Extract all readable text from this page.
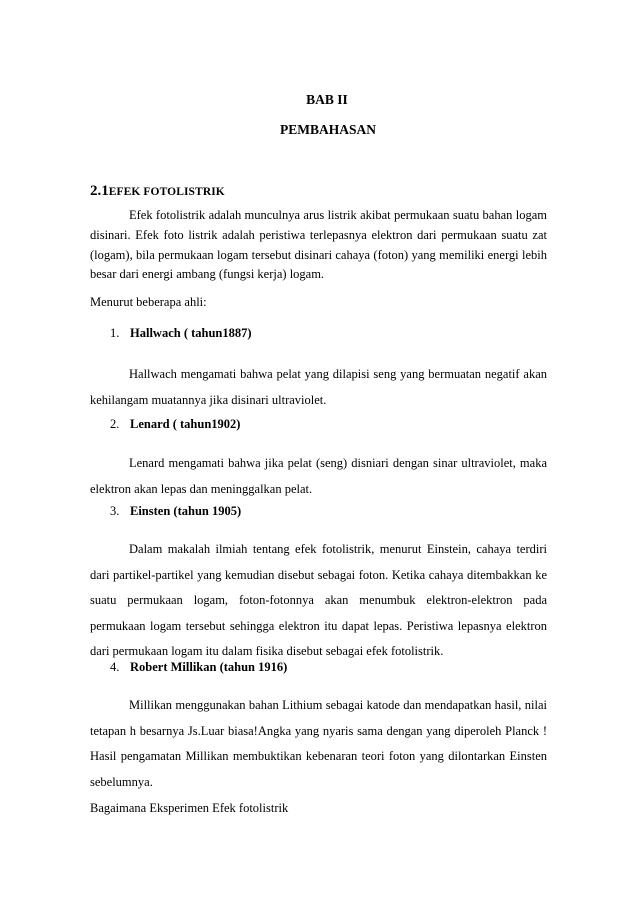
BAB II
PEMBAHASAN
2.1EFEK FOTOLISTRIK

Efek fotolistrik adalah munculnya arus listrik akibat permukaan suatu bahan logam disinari. Efek foto listrik adalah peristiwa terlepasnya elektron dari permukaan suatu zat (logam), bila permukaan logam tersebut disinari cahaya (foton) yang memiliki energi lebih besar dari energi ambang (fungsi kerja) logam.

Menurut beberapa ahli:

1. Hallwach ( tahun1887)

Hallwach mengamati bahwa pelat yang dilapisi seng yang bermuatan negatif akan kehilangam muatannya jika disinari ultraviolet.

2. Lenard ( tahun1902)

Lenard mengamati bahwa jika pelat (seng) disniari dengan sinar ultraviolet, maka elektron akan lepas dan meninggalkan pelat.

3. Einsten (tahun 1905)

Dalam makalah ilmiah tentang efek fotolistrik, menurut Einstein, cahaya terdiri dari partikel-partikel yang kemudian disebut sebagai foton. Ketika cahaya ditembakkan ke suatu permukaan logam, foton-fotonnya akan menumbuk elektron-elektron pada permukaan logam tersebut sehingga elektron itu dapat lepas. Peristiwa lepasnya elektron dari permukaan logam itu dalam fisika disebut sebagai efek fotolistrik.

4. Robert Millikan (tahun 1916)

Millikan menggunakan bahan Lithium sebagai katode dan mendapatkan hasil, nilai tetapan h besarnya Js.Luar biasa!Angka yang nyaris sama dengan yang diperoleh Planck ! Hasil pengamatan Millikan membuktikan kebenaran teori foton yang dilontarkan Einsten sebelumnya.

Bagaimana Eksperimen Efek fotolistrik
